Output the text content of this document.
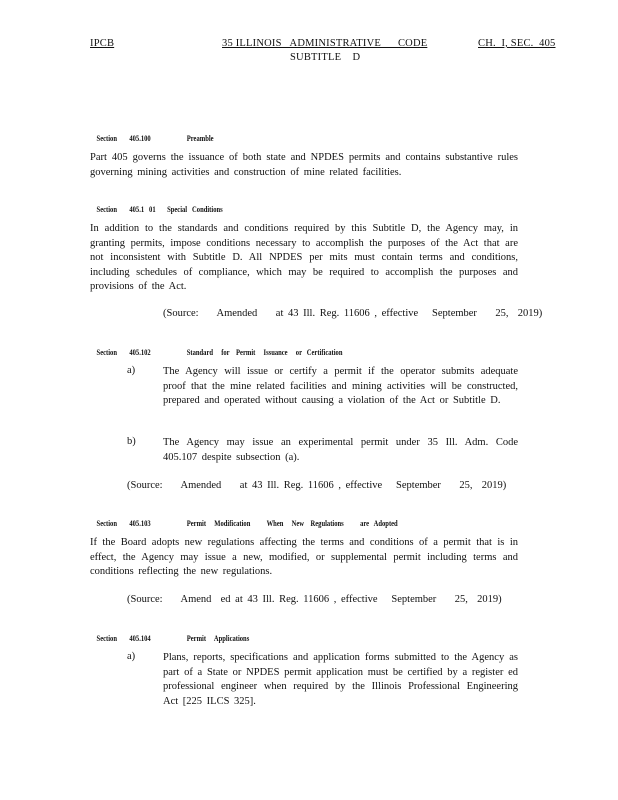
IPCB	35 ILLINOIS   ADMINISTRATIVE      CODE	CH.  I, SEC.  405
SUBTITLE    D

Section 405.100	Preamble

Part 405 governs the issuance of both state and NPDES permits and contains substantive rules governing mining activities and construction of mine related facilities.

Section 405.1   01 Special   Conditions

In addition to the standards and conditions required by this Subtitle D, the Agency may, in granting permits, impose conditions necessary to accomplish the purposes of the Act that are not inconsistent with Subtitle D. All NPDES per mits must contain terms and conditions, including schedules of compliance, which may be required to accomplish the purposes and provisions of the Act.
(Source:    Amended    at 43 Ill. Reg. 11606 , effective   September    25,  2019)

Section 405.102	Standard     for    Permit     Issuance     or   Certification

a)	The Agency will issue or certify a permit if the operator submits adequate proof that the mine related facilities and mining activities will be constructed, prepared and operated without causing a violation of the Act or Subtitle D.
b)	The Agency may issue an experimental permit under 35 Ill. Adm. Code 405.107 despite subsection (a).
(Source:    Amended    at 43 Ill. Reg. 11606 , effective   September    25,  2019)

Section 405.103	Permit     Modification          When     New    Regulations          are   Adopted

If the Board adopts new regulations affecting the terms and conditions of a permit that is in effect, the Agency may issue a new, modified, or supplemental permit including terms and conditions reflecting the new regulations.
(Source:    Amend  ed at 43 Ill. Reg. 11606 , effective   September    25,  2019)

Section 405.104	Permit     Applications

a)	Plans, reports, specifications and application forms submitted to the Agency as part of a State or NPDES permit application must be certified by a register ed professional engineer when required by the Illinois Professional Engineering Act [225 ILCS 325].
